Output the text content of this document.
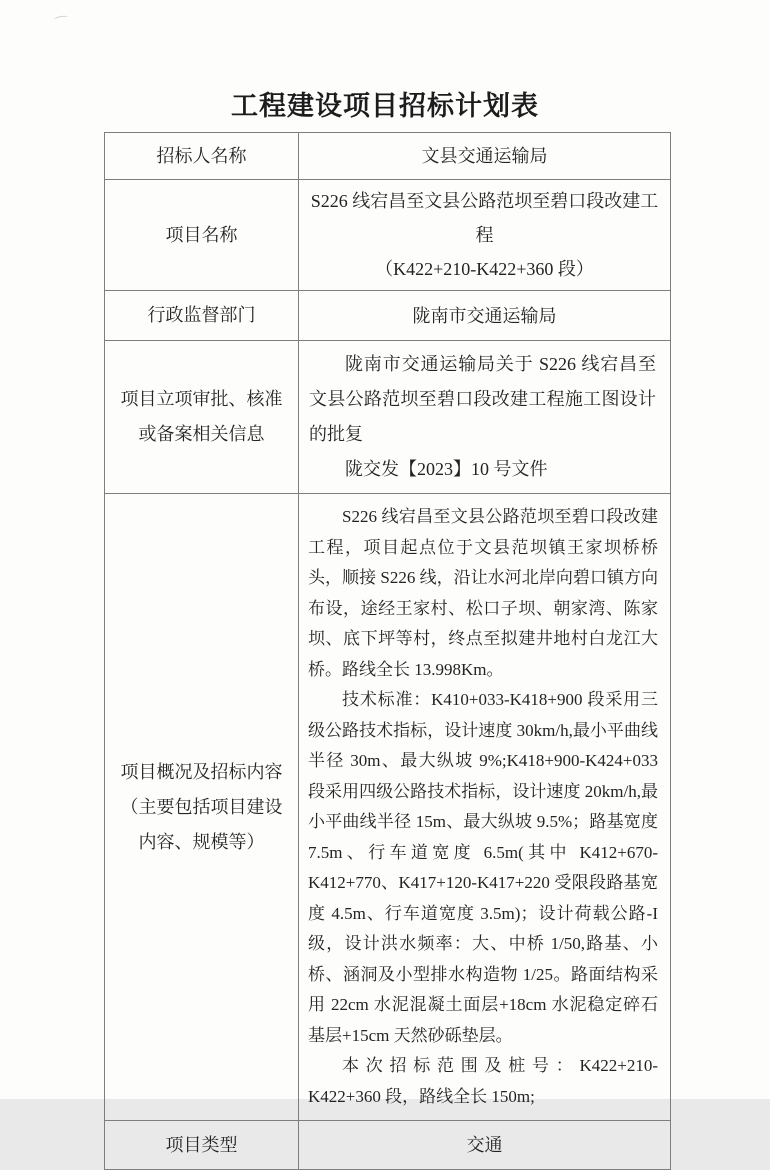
工程建设项目招标计划表
招标人名称	文县交通运输局
项目名称	S226 线宕昌至文县公路范坝至碧口段改建工程
（K422+210-K422+360 段）

行政监督部门	陇南市交通运输局
项目立项审批、核准或备案相关信息	陇南市交通运输局关于 S226 线宕昌至文县公路范坝至碧口段改建工程施工图设计的批复

陇交发【2023】10 号文件

项目概况及招标内容（主要包括项目建设内容、规模等）	S226 线宕昌至文县公路范坝至碧口段改建工程，项目起点位于文县范坝镇王家坝桥桥头，顺接 S226 线，沿让水河北岸向碧口镇方向布设，途经王家村、松口子坝、朝家湾、陈家坝、底下坪等村，终点至拟建井地村白龙江大桥。路线全长 13.998Km。

技术标准：K410+033-K418+900 段采用三级公路技术指标，设计速度 30km/h,最小平曲线半径 30m、最大纵坡 9%;K418+900-K424+033 段采用四级公路技术指标，设计速度 20km/h,最小平曲线半径 15m、最大纵坡 9.5%；路基宽度 7.5m、行车道宽度 6.5m(其中 K412+670-K412+770、K417+120-K417+220 受限段路基宽度 4.5m、行车道宽度 3.5m)；设计荷载公路-I 级，设计洪水频率：大、中桥 1/50,路基、小桥、涵洞及小型排水构造物 1/25。路面结构采用 22cm 水泥混凝土面层+18cm 水泥稳定碎石基层+15cm 天然砂砾垫层。

本次招标范围及桩号：K422+210-K422+360 段，路线全长 150m;

项目类型	交通
